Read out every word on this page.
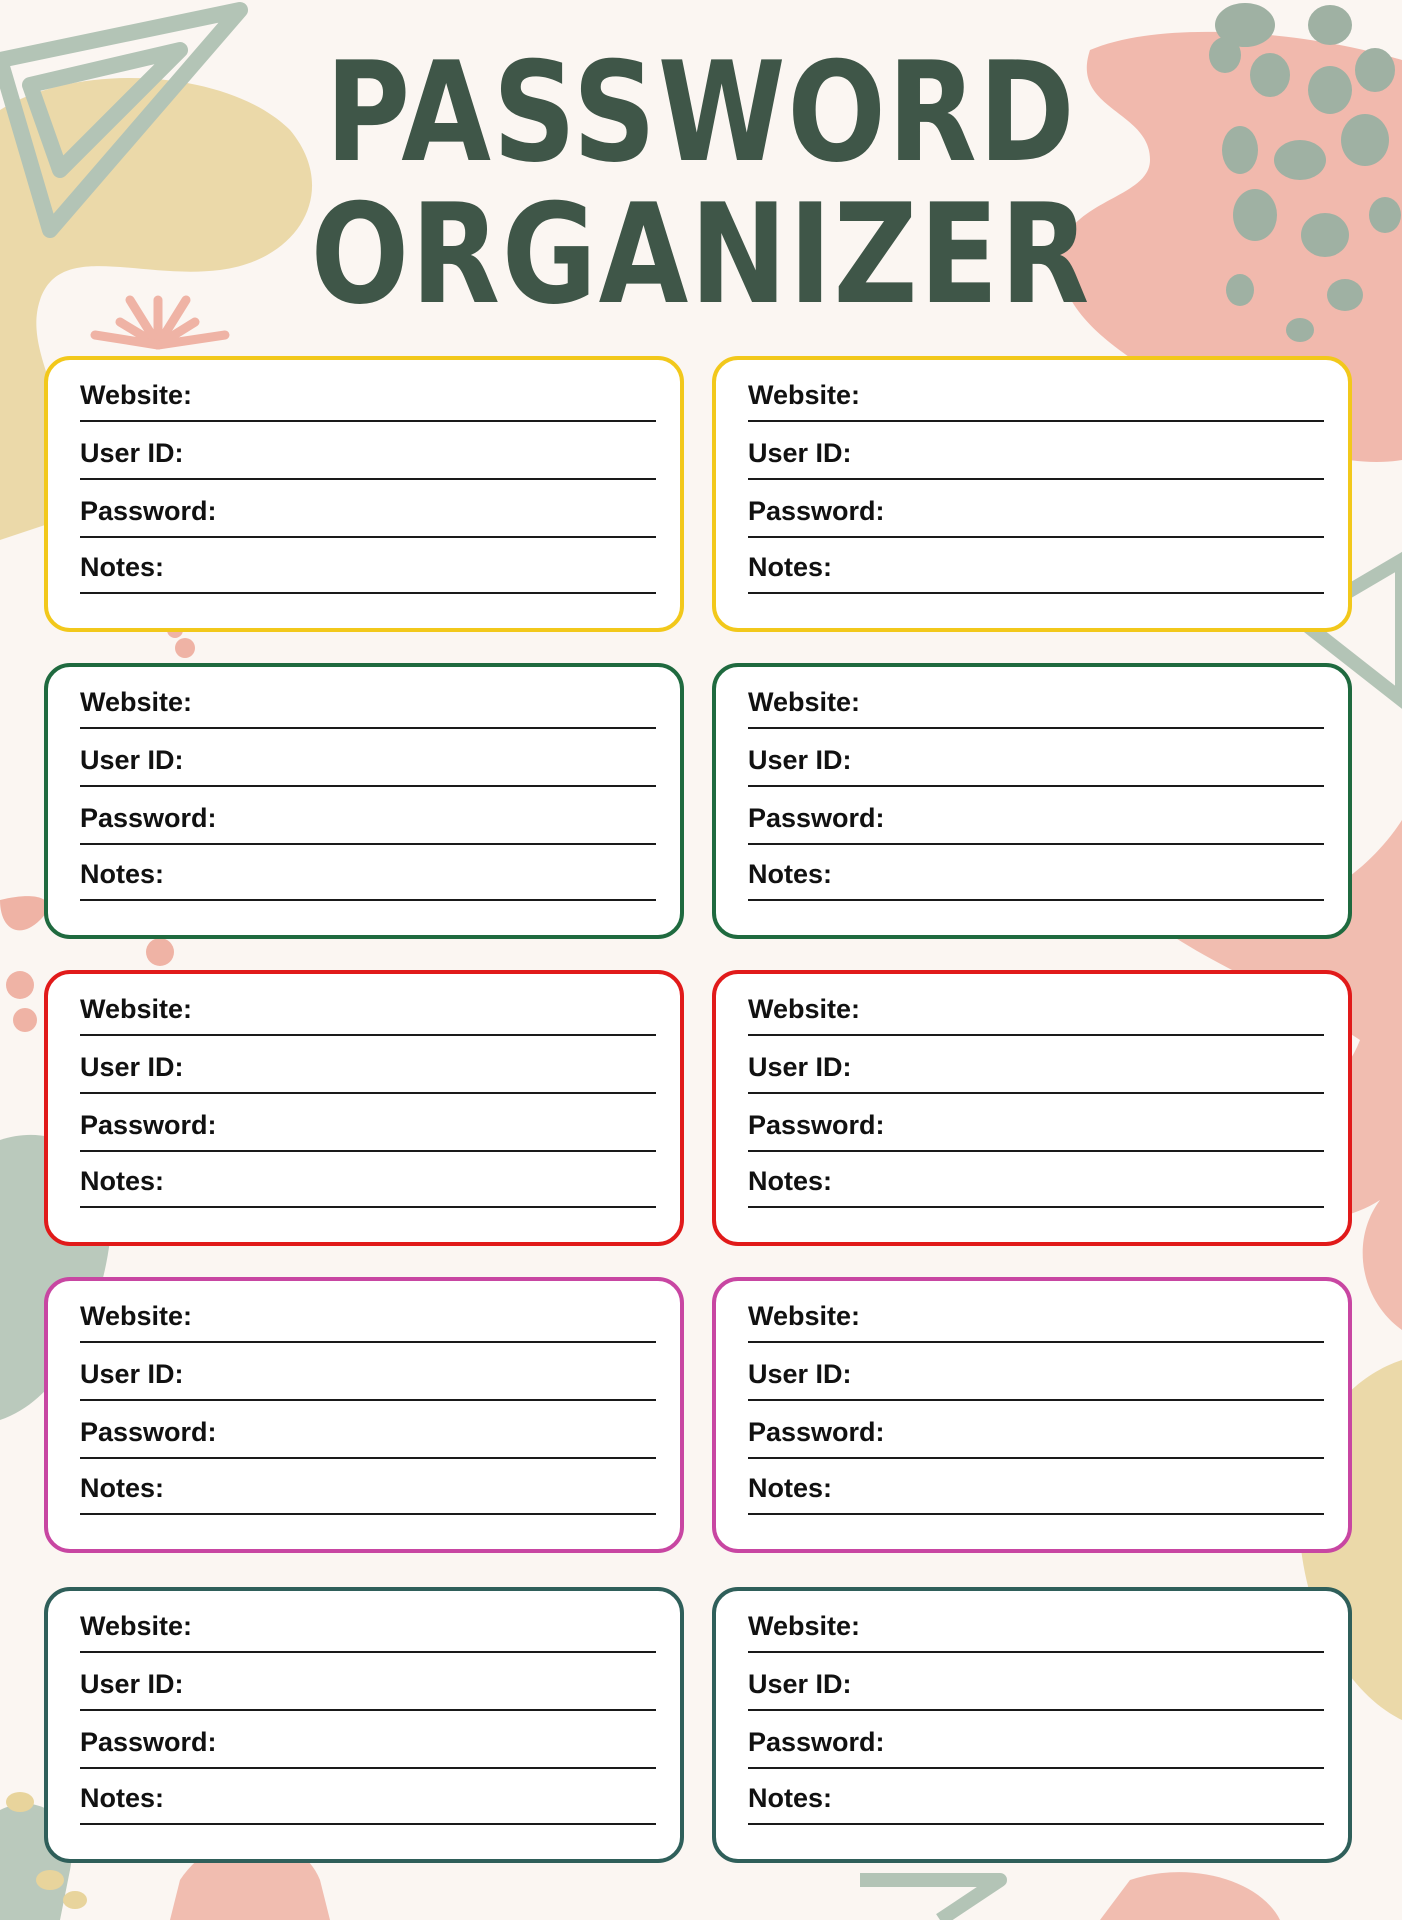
PASSWORD
ORGANIZER
Website:
User ID:
Password:
Notes:
Website:
User ID:
Password:
Notes:
Website:
User ID:
Password:
Notes:
Website:
User ID:
Password:
Notes:
Website:
User ID:
Password:
Notes:
Website:
User ID:
Password:
Notes:
Website:
User ID:
Password:
Notes:
Website:
User ID:
Password:
Notes:
Website:
User ID:
Password:
Notes:
Website:
User ID:
Password:
Notes:
